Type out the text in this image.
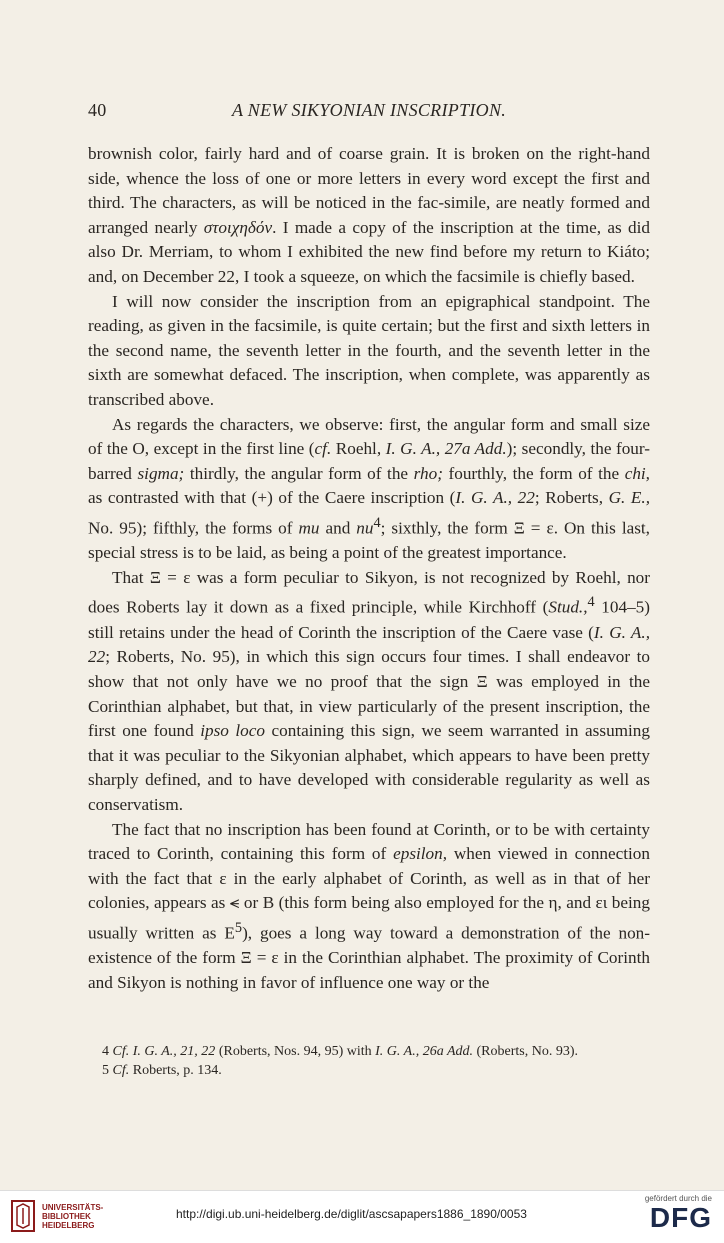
40	A NEW SIKYONIAN INSCRIPTION.

brownish color, fairly hard and of coarse grain. It is broken on the right-hand side, whence the loss of one or more letters in every word except the first and third. The characters, as will be noticed in the fac-simile, are neatly formed and arranged nearly στοιχηδόν. I made a copy of the inscription at the time, as did also Dr. Merriam, to whom I exhibited the new find before my return to Kiáto; and, on December 22, I took a squeeze, on which the facsimile is chiefly based.

I will now consider the inscription from an epigraphical standpoint. The reading, as given in the facsimile, is quite certain; but the first and sixth letters in the second name, the seventh letter in the fourth, and the seventh letter in the sixth are somewhat defaced. The inscription, when complete, was apparently as transcribed above.

As regards the characters, we observe: first, the angular form and small size of the O, except in the first line (cf. Roehl, I. G. A., 27a Add.); secondly, the four-barred sigma; thirdly, the angular form of the rho; fourthly, the form of the chi, as contrasted with that (+) of the Caere inscription (I. G. A., 22; Roberts, G. E., No. 95); fifthly, the forms of mu and $nu^4$; sixthly, the form Ξ = ε. On this last, special stress is to be laid, as being a point of the greatest importance.

That Ξ = ε was a form peculiar to Sikyon, is not recognized by Roehl, nor does Roberts lay it down as a fixed principle, while Kirchhoff (Stud.,$^4$ 104–5) still retains under the head of Corinth the inscription of the Caere vase (I. G. A., 22; Roberts, No. 95), in which this sign occurs four times. I shall endeavor to show that not only have we no proof that the sign Ξ was employed in the Corinthian alphabet, but that, in view particularly of the present inscription, the first one found ipso loco containing this sign, we seem warranted in assuming that it was peculiar to the Sikyonian alphabet, which appears to have been pretty sharply defined, and to have developed with considerable regularity as well as conservatism.

The fact that no inscription has been found at Corinth, or to be with certainty traced to Corinth, containing this form of epsilon, when viewed in connection with the fact that ε in the early alphabet of Corinth, as well as in that of her colonies, appears as ⪪ or B (this form being also employed for the η, and ει being usually written as $E^5$), goes a long way toward a demonstration of the non-existence of the form Ξ = ε in the Corinthian alphabet. The proximity of Corinth and Sikyon is nothing in favor of influence one way or the

4 Cf. I. G. A., 21, 22 (Roberts, Nos. 94, 95) with I. G. A., 26a Add. (Roberts, No. 93).

5 Cf. Roberts, p. 134.

UNIVERSITÄTS-
BIBLIOTHEK
HEIDELBERG
http://digi.ub.uni-heidelberg.de/diglit/ascsapapers1886_1890/0053
gefördert durch die
DFG
